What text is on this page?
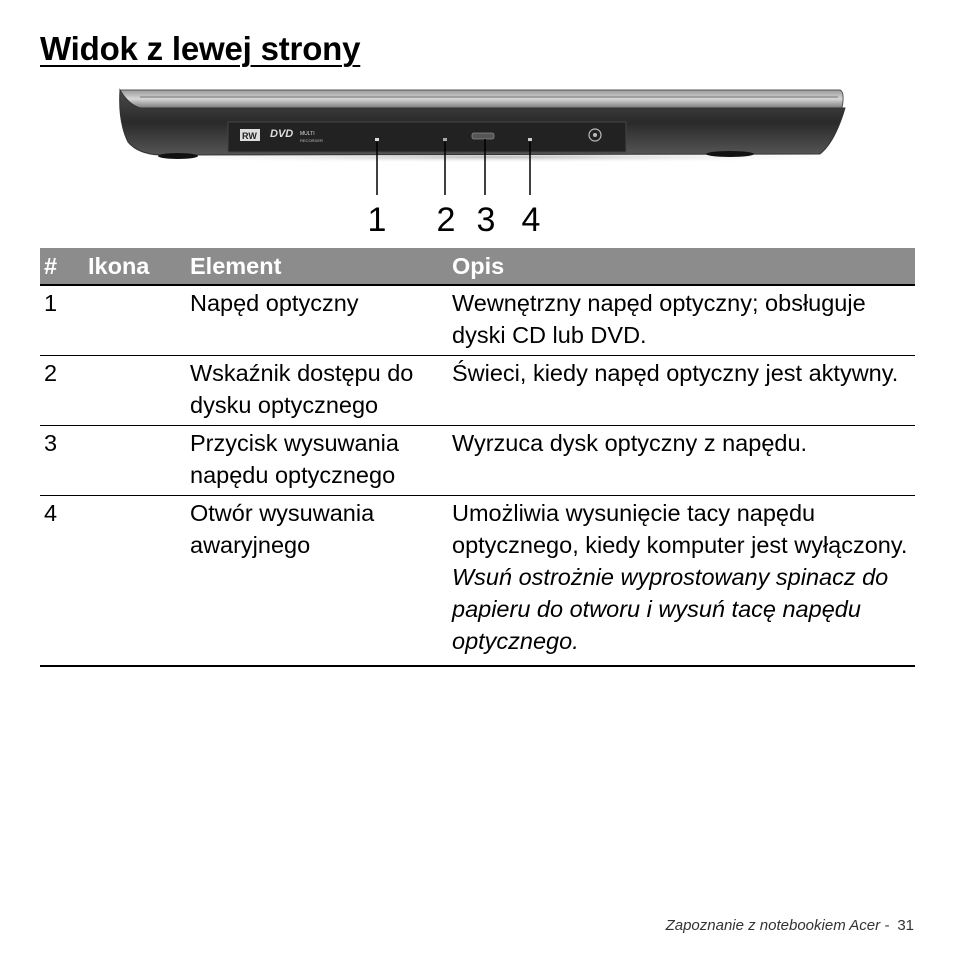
Widok z lewej strony
RW DVD MULTI
RECORDER
1 2 3 4
#	Ikona	Element	Opis
1		Napęd optyczny	Wewnętrzny napęd optyczny; obsługuje dyski CD lub DVD.
2		Wskaźnik dostępu do dysku optycznego	Świeci, kiedy napęd optyczny jest aktywny.
3		Przycisk wysuwania napędu optycznego	Wyrzuca dysk optyczny z napędu.
4		Otwór wysuwania awaryjnego	Umożliwia wysunięcie tacy napędu optycznego, kiedy komputer jest wyłączony.
Wsuń ostrożnie wyprostowany spinacz do papieru do otworu i wysuń tacę napędu optycznego.
Zapoznanie z notebookiem Acer - 31
